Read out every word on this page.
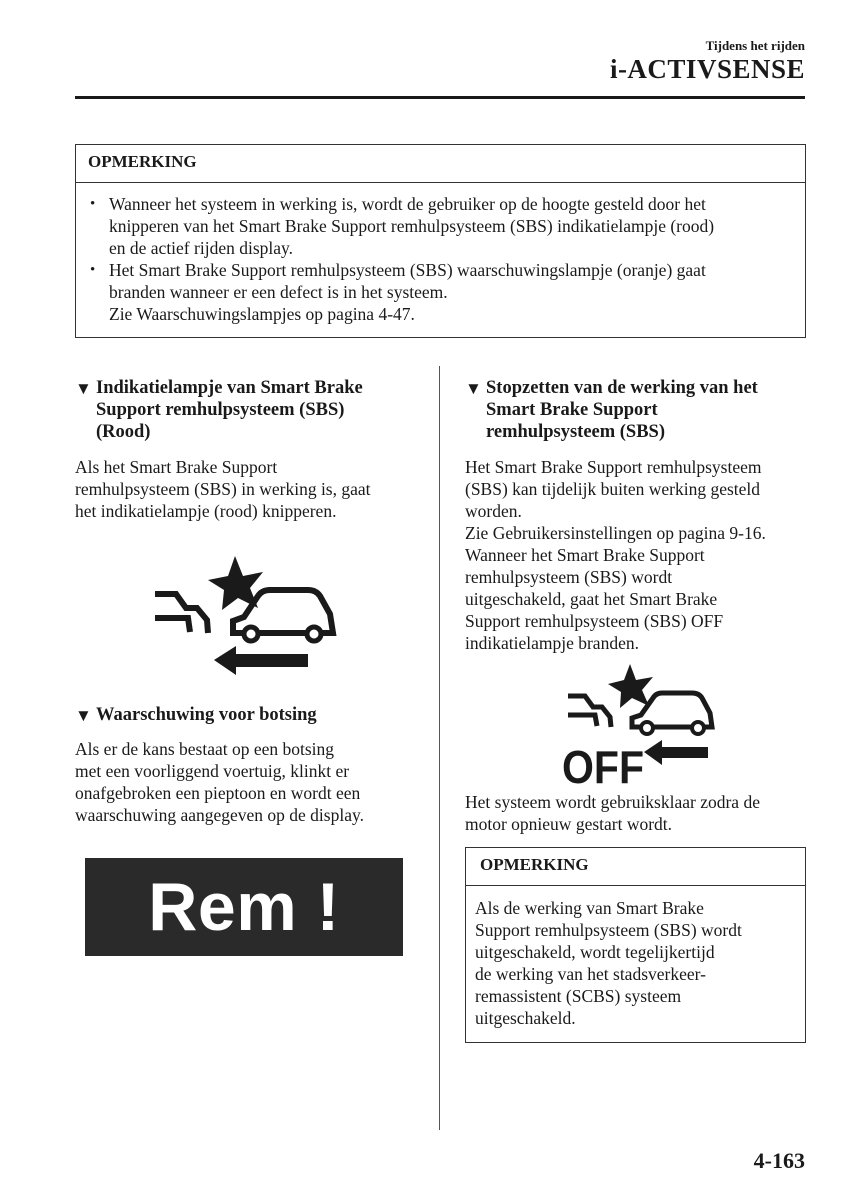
Tijdens het rijden
i-ACTIVSENSE
OPMERKING
• Wanneer het systeem in werking is, wordt de gebruiker op de hoogte gesteld door het
knipperen van het Smart Brake Support remhulpsysteem (SBS) indikatielampje (rood)
en de actief rijden display.
• Het Smart Brake Support remhulpsysteem (SBS) waarschuwingslampje (oranje) gaat
branden wanneer er een defect is in het systeem.
Zie Waarschuwingslampjes op pagina 4-47.
▼ Indikatielampje van Smart Brake
Support remhulpsysteem (SBS)
(Rood)
Als het Smart Brake Support
remhulpsysteem (SBS) in werking is, gaat
het indikatielampje (rood) knipperen.
▼ Waarschuwing voor botsing
Als er de kans bestaat op een botsing
met een voorliggend voertuig, klinkt er
onafgebroken een pieptoon en wordt een
waarschuwing aangegeven op de display.
Rem !
▼ Stopzetten van de werking van het
Smart Brake Support
remhulpsysteem (SBS)
Het Smart Brake Support remhulpsysteem
(SBS) kan tijdelijk buiten werking gesteld
worden.
Zie Gebruikersinstellingen op pagina 9-16.
Wanneer het Smart Brake Support
remhulpsysteem (SBS) wordt
uitgeschakeld, gaat het Smart Brake
Support remhulpsysteem (SBS) OFF
indikatielampje branden.
OFF
Het systeem wordt gebruiksklaar zodra de
motor opnieuw gestart wordt.
OPMERKING
Als de werking van Smart Brake
Support remhulpsysteem (SBS) wordt
uitgeschakeld, wordt tegelijkertijd
de werking van het stadsverkeer-
remassistent (SCBS) systeem
uitgeschakeld.
4-163
